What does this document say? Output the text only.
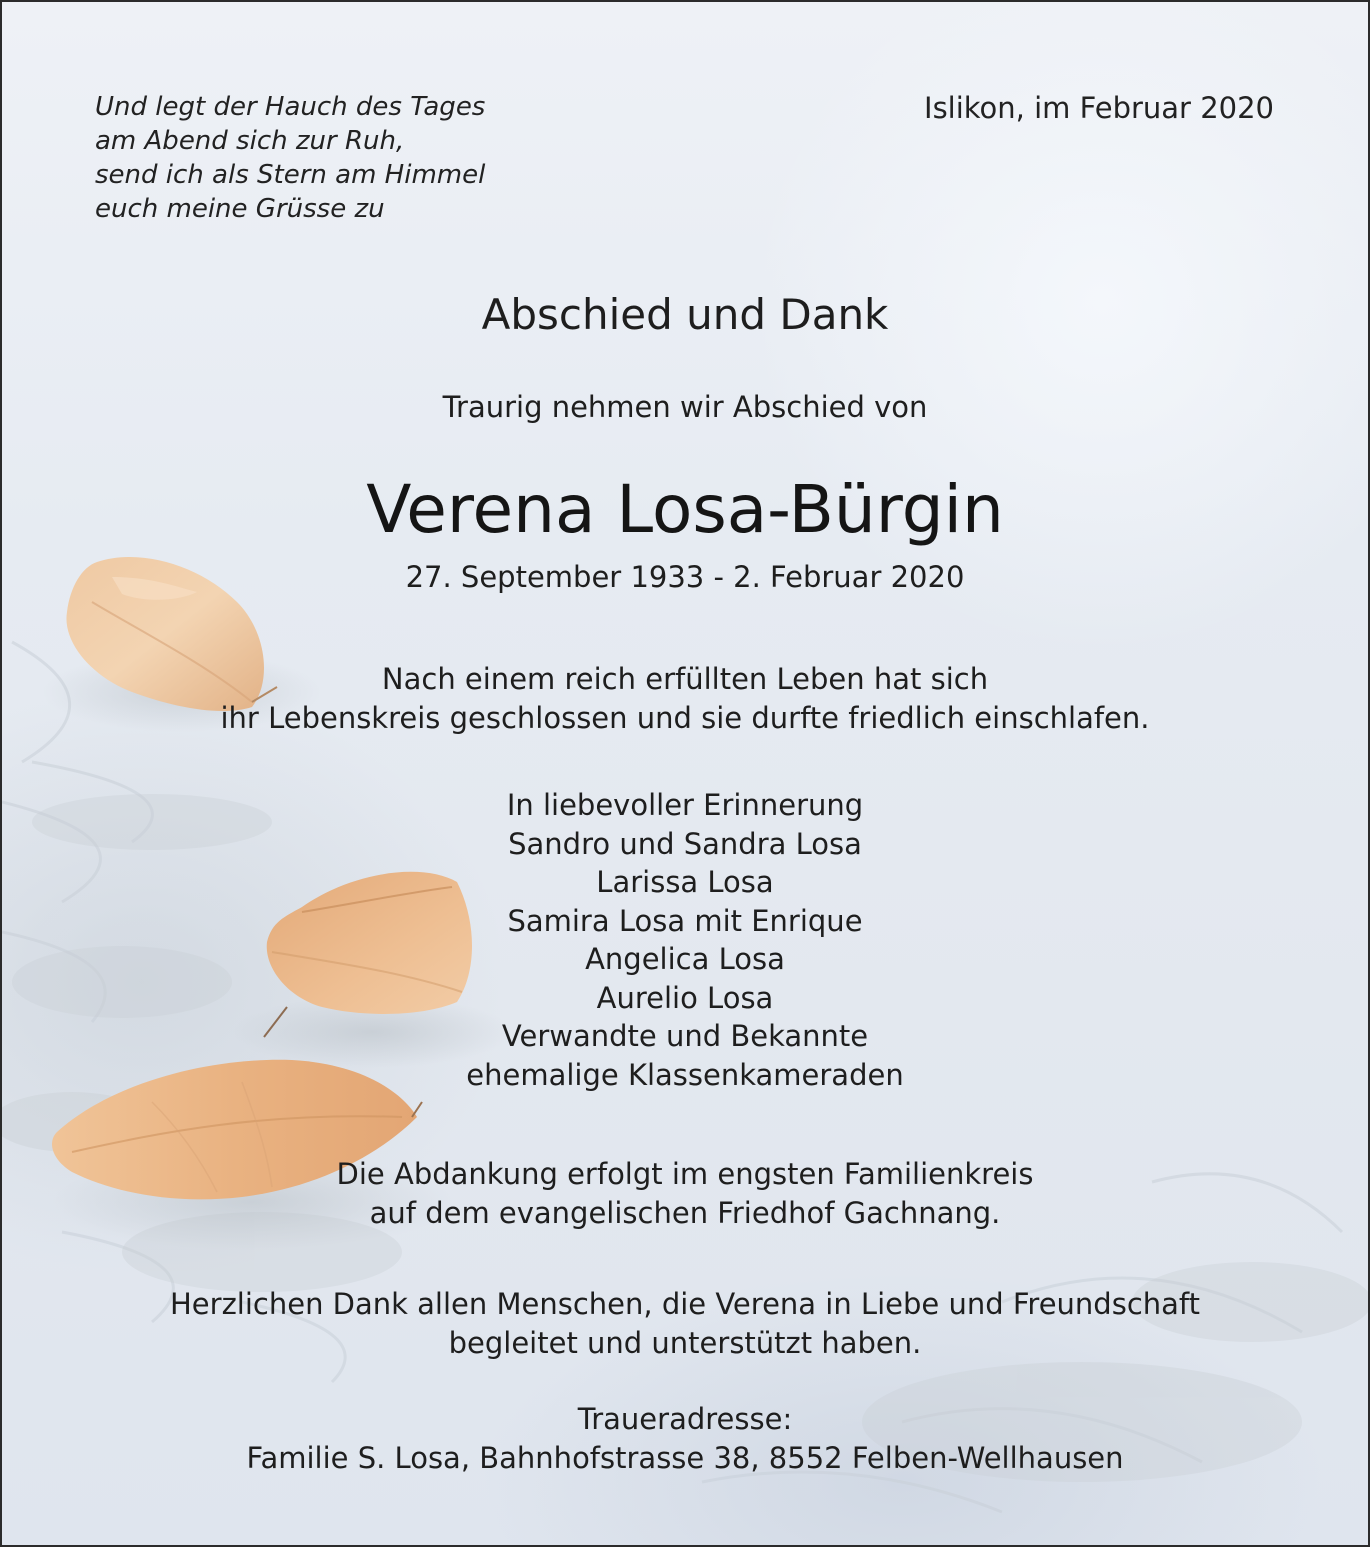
Und legt der Hauch des Tages
am Abend sich zur Ruh,
send ich als Stern am Himmel
euch meine Grüsse zu
Islikon, im Februar 2020
Abschied und Dank
Traurig nehmen wir Abschied von
Verena Losa-Bürgin
27. September 1933 - 2. Februar 2020
Nach einem reich erfüllten Leben hat sich
ihr Lebenskreis geschlossen und sie durfte friedlich einschlafen.
In liebevoller Erinnerung
Sandro und Sandra Losa
Larissa Losa
Samira Losa mit Enrique
Angelica Losa
Aurelio Losa
Verwandte und Bekannte
ehemalige Klassenkameraden
Die Abdankung erfolgt im engsten Familienkreis
auf dem evangelischen Friedhof Gachnang.
Herzlichen Dank allen Menschen, die Verena in Liebe und Freundschaft
begleitet und unterstützt haben.
Traueradresse:
Familie S. Losa, Bahnhofstrasse 38, 8552 Felben-Wellhausen
